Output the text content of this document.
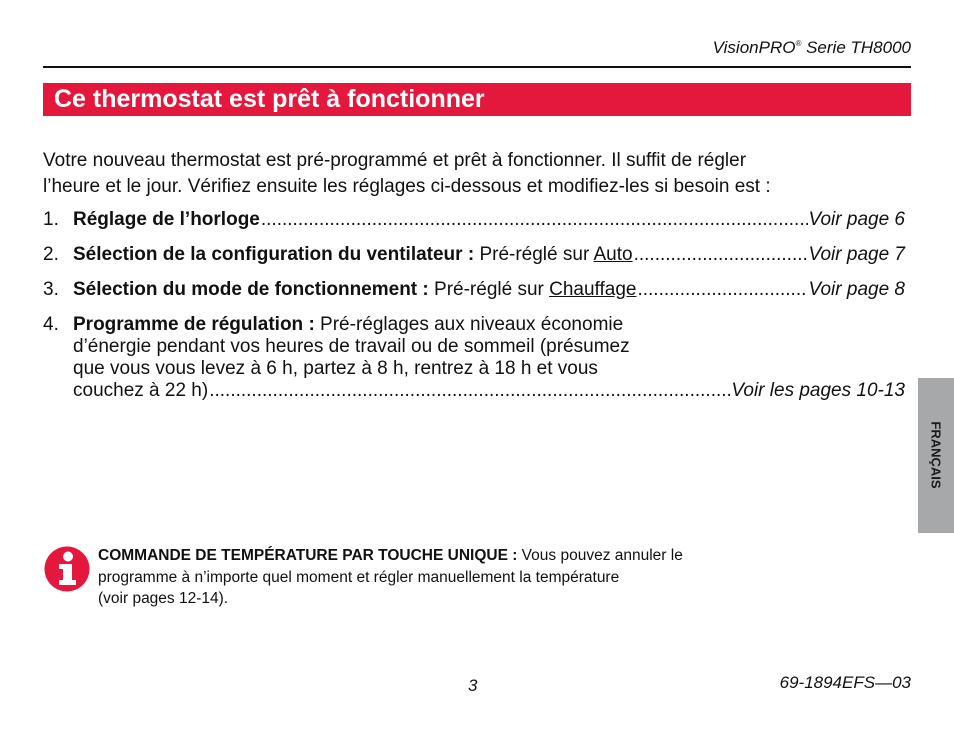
VisionPRO® Serie TH8000
Ce thermostat est prêt à fonctionner
Votre nouveau thermostat est pré-programmé et prêt à fonctionner. Il suffit de régler
l’heure et le jour. Vérifiez ensuite les réglages ci-dessous et modifiez-les si besoin est :
1. Réglage de l’horloge .....	Voir page 6
2. Sélection de la configuration du ventilateur : Pré-réglé sur Auto .....	Voir page 7
3. Sélection du mode de fonctionnement : Pré-réglé sur Chauffage .....	Voir page 8
4. Programme de régulation : Pré-réglages aux niveaux économie
d’énergie pendant vos heures de travail ou de sommeil (présumez
que vous vous levez à 6 h, partez à 8 h, rentrez à 18 h et vous
couchez à 22 h) .....	Voir les pages 10-13
FRANÇAIS
COMMANDE DE TEMPÉRATURE PAR TOUCHE UNIQUE : Vous pouvez annuler le
programme à n’importe quel moment et régler manuellement la température
(voir pages 12-14).
3	69-1894EFS—03
